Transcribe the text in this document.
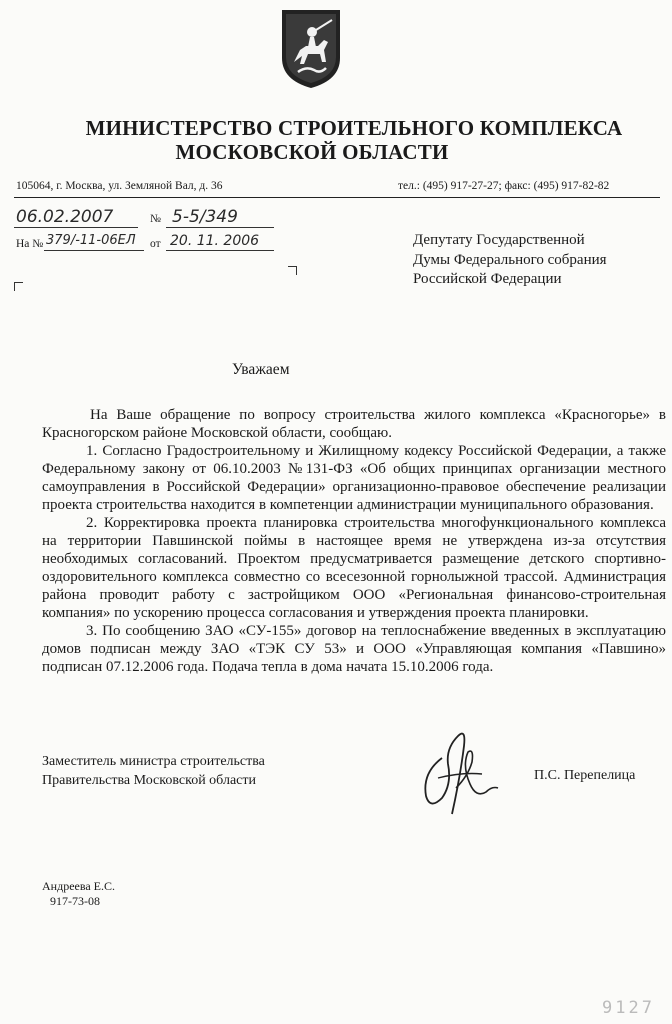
МИНИСТЕРСТВО СТРОИТЕЛЬНОГО КОМПЛЕКСА
МОСКОВСКОЙ ОБЛАСТИ
105064, г. Москва, ул. Земляной Вал, д. 36	тел.: (495) 917-27-27; факс: (495) 917-82-82
06.02.2007	№ 5-5/349
На № 379/-11-06ЕЛ от 20. 11. 2006	Депутату Государственной
Думы Федерального собрания
Российской Федерации
Уважаем

На Ваше обращение по вопросу строительства жилого комплекса «Красногорье» в Красногорском районе Московской области, сообщаю.

1. Согласно Градостроительному и Жилищному кодексу Российской Федерации, а также Федеральному закону от 06.10.2003 №131-ФЗ «Об общих принципах организации местного самоуправления в Российской Федерации» организационно-правовое обеспечение реализации проекта строительства находится в компетенции администрации муниципального образования.

2. Корректировка проекта планировка строительства многофункционального комплекса на территории Павшинской поймы в настоящее время не утверждена из-за отсутствия необходимых согласований. Проектом предусматривается размещение детского спортивно-оздоровительного комплекса совместно со всесезонной горнолыжной трассой. Администрация района проводит работу с застройщиком ООО «Региональная финансово-строительная компания» по ускорению процесса согласования и утверждения проекта планировки.

3. По сообщению ЗАО «СУ-155» договор на теплоснабжение введенных в эксплуатацию домов подписан между ЗАО «ТЭК СУ 53» и ООО «Управляющая компания «Павшино» подписан 07.12.2006 года. Подача тепла в дома начата 15.10.2006 года.

Заместитель министра строительства
Правительства Московской области	П.С. Перепелица
Андреева Е.С.
917-73-08
9127
